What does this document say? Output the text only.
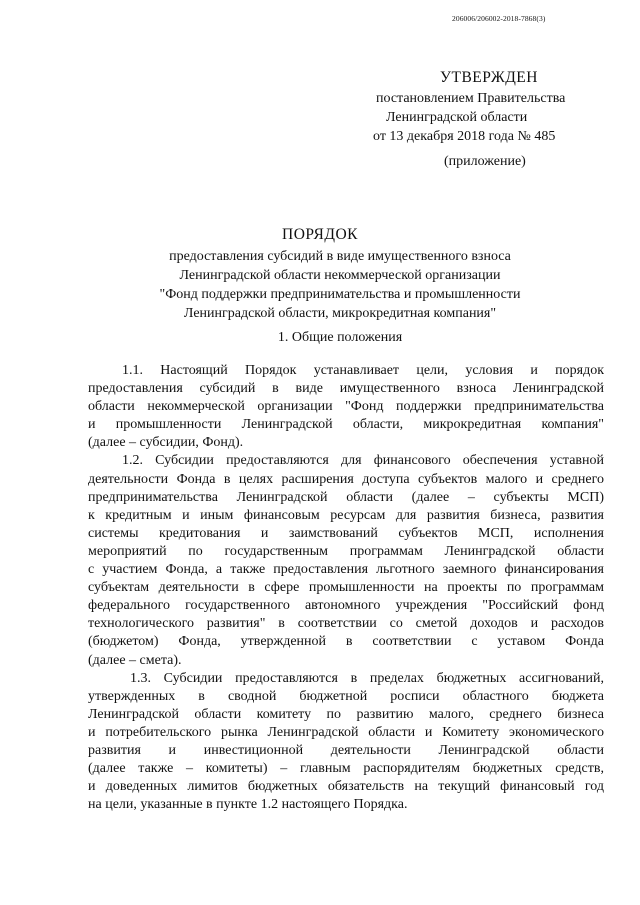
206006/206002-2018-7868(3)
УТВЕРЖДЕН
постановлением Правительства
Ленинградской области
от 13 декабря 2018 года № 485
(приложение)
ПОРЯДОК
предоставления субсидий в виде имущественного взноса
Ленинградской области некоммерческой организации
"Фонд поддержки предпринимательства и промышленности
Ленинградской области, микрокредитная компания"
1. Общие положения
1.1. Настоящий Порядок устанавливает цели, условия и порядок
предоставления субсидий в виде имущественного взноса Ленинградской
области некоммерческой организации "Фонд поддержки предпринимательства
и промышленности Ленинградской области, микрокредитная компания"
(далее – субсидии, Фонд).
1.2. Субсидии предоставляются для финансового обеспечения уставной
деятельности Фонда в целях расширения доступа субъектов малого и среднего
предпринимательства Ленинградской области (далее – субъекты МСП)
к кредитным и иным финансовым ресурсам для развития бизнеса, развития
системы кредитования и заимствований субъектов МСП, исполнения
мероприятий по государственным программам Ленинградской области
с участием Фонда, а также предоставления льготного заемного финансирования
субъектам деятельности в сфере промышленности на проекты по программам
федерального государственного автономного учреждения "Российский фонд
технологического развития" в соответствии со сметой доходов и расходов
(бюджетом) Фонда, утвержденной в соответствии с уставом Фонда
(далее – смета).
1.3. Субсидии предоставляются в пределах бюджетных ассигнований,
утвержденных в сводной бюджетной росписи областного бюджета
Ленинградской области комитету по развитию малого, среднего бизнеса
и потребительского рынка Ленинградской области и Комитету экономического
развития и инвестиционной деятельности Ленинградской области
(далее также – комитеты) – главным распорядителям бюджетных средств,
и доведенных лимитов бюджетных обязательств на текущий финансовый год
на цели, указанные в пункте 1.2 настоящего Порядка.
